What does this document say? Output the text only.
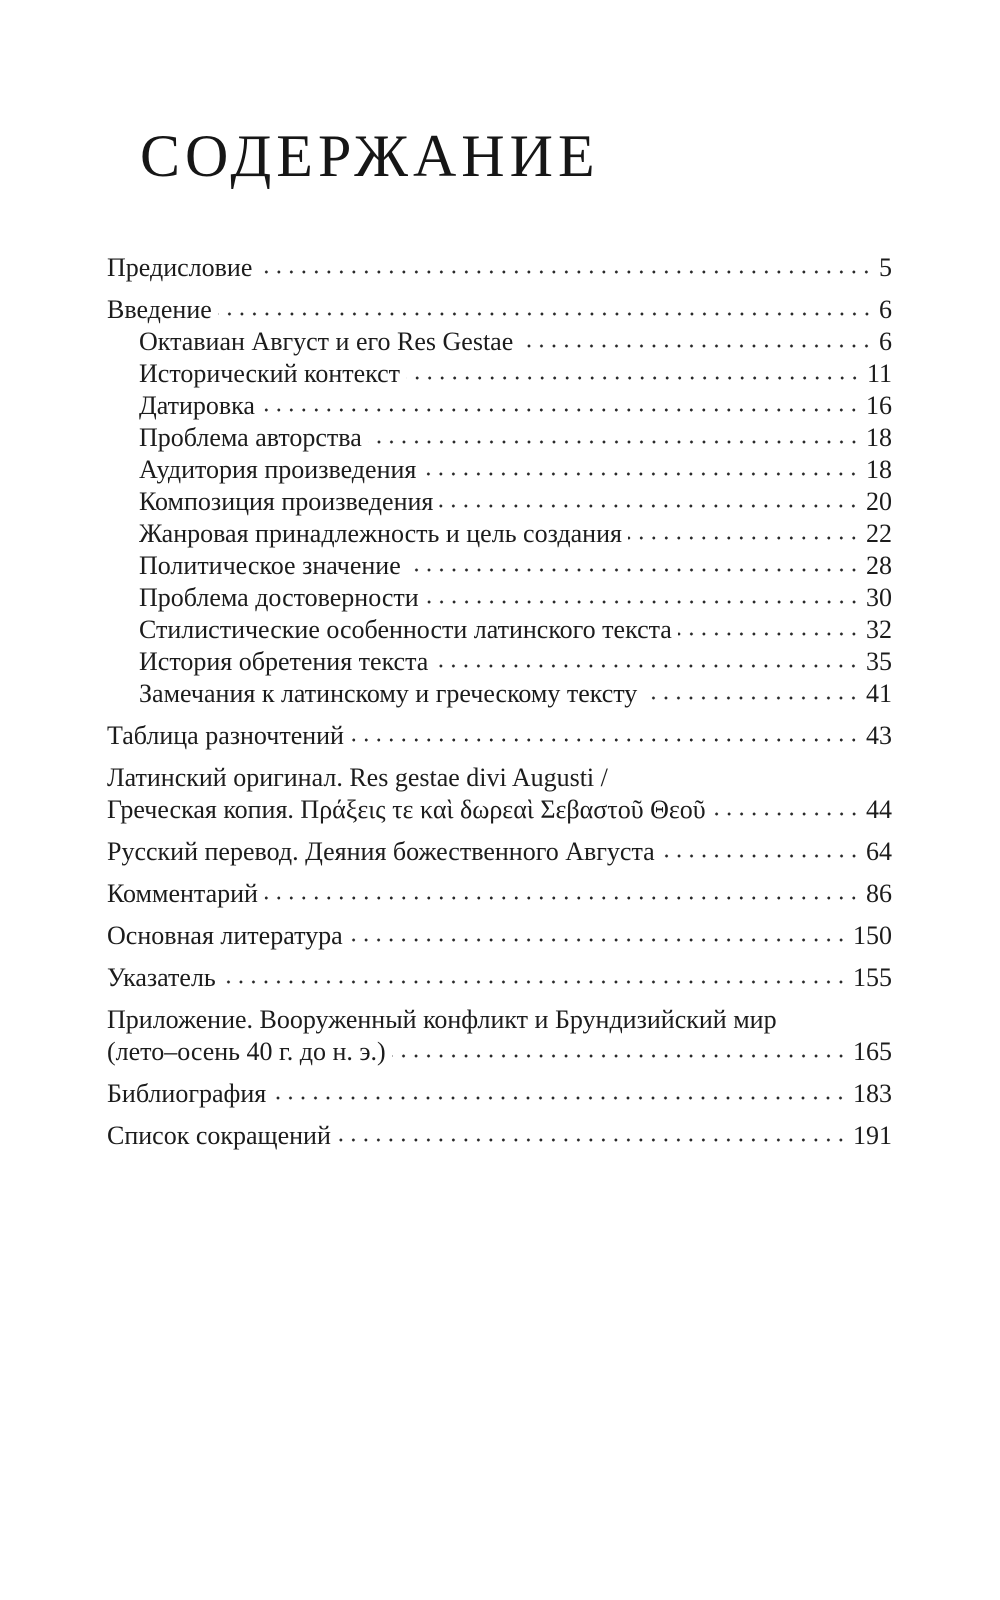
СОДЕРЖАНИЕ
Предисловие	5
Введение	6
Октавиан Август и его Res Gestae	6
Исторический контекст	11
Датировка	16
Проблема авторства	18
Аудитория произведения	18
Композиция произведения	20
Жанровая принадлежность и цель создания	22
Политическое значение	28
Проблема достоверности	30
Стилистические особенности латинского текста	32
История обретения текста	35
Замечания к латинскому и греческому тексту	41
Таблица разночтений	43
Латинский оригинал. Res gestae divi Augusti /
Греческая копия. Πράξεις τε καὶ δωρεαὶ Σεβαστοῦ Θεοῦ	44
Русский перевод. Деяния божественного Августа	64
Комментарий	86
Основная литература	150
Указатель	155
Приложение. Вооруженный конфликт и Брундизийский мир
(лето–осень 40 г. до н. э.)	165
Библиография	183
Список сокращений	191
